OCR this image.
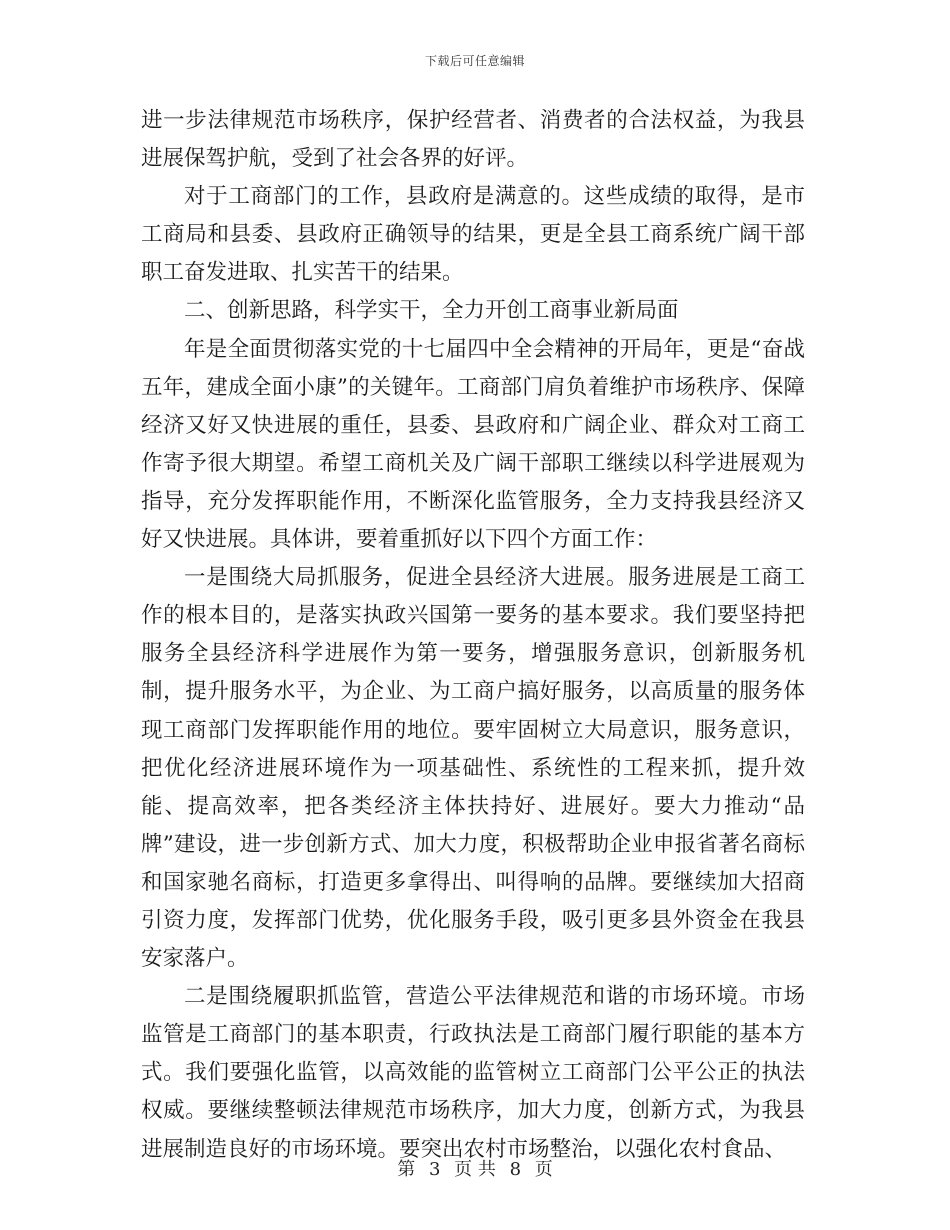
下载后可任意编辑

进一步法律规范市场秩序，保护经营者、消费者的合法权益，为我县进展保驾护航，受到了社会各界的好评。

对于工商部门的工作，县政府是满意的。这些成绩的取得，是市工商局和县委、县政府正确领导的结果，更是全县工商系统广阔干部职工奋发进取、扎实苦干的结果。

二、创新思路，科学实干，全力开创工商事业新局面

年是全面贯彻落实党的十七届四中全会精神的开局年，更是“奋战五年，建成全面小康”的关键年。工商部门肩负着维护市场秩序、保障经济又好又快进展的重任，县委、县政府和广阔企业、群众对工商工作寄予很大期望。希望工商机关及广阔干部职工继续以科学进展观为指导，充分发挥职能作用，不断深化监管服务，全力支持我县经济又好又快进展。具体讲，要着重抓好以下四个方面工作：

一是围绕大局抓服务，促进全县经济大进展。服务进展是工商工作的根本目的，是落实执政兴国第一要务的基本要求。我们要坚持把服务全县经济科学进展作为第一要务，增强服务意识，创新服务机制，提升服务水平，为企业、为工商户搞好服务，以高质量的服务体现工商部门发挥职能作用的地位。要牢固树立大局意识，服务意识，把优化经济进展环境作为一项基础性、系统性的工程来抓，提升效能、提高效率，把各类经济主体扶持好、进展好。要大力推动“品牌”建设，进一步创新方式、加大力度，积极帮助企业申报省著名商标和国家驰名商标，打造更多拿得出、叫得响的品牌。要继续加大招商引资力度，发挥部门优势，优化服务手段，吸引更多县外资金在我县安家落户。

二是围绕履职抓监管，营造公平法律规范和谐的市场环境。市场监管是工商部门的基本职责，行政执法是工商部门履行职能的基本方式。我们要强化监管，以高效能的监管树立工商部门公平公正的执法权威。要继续整顿法律规范市场秩序，加大力度，创新方式，为我县进展制造良好的市场环境。要突出农村市场整治，以强化农村食品、

第 3 页 共 8 页
